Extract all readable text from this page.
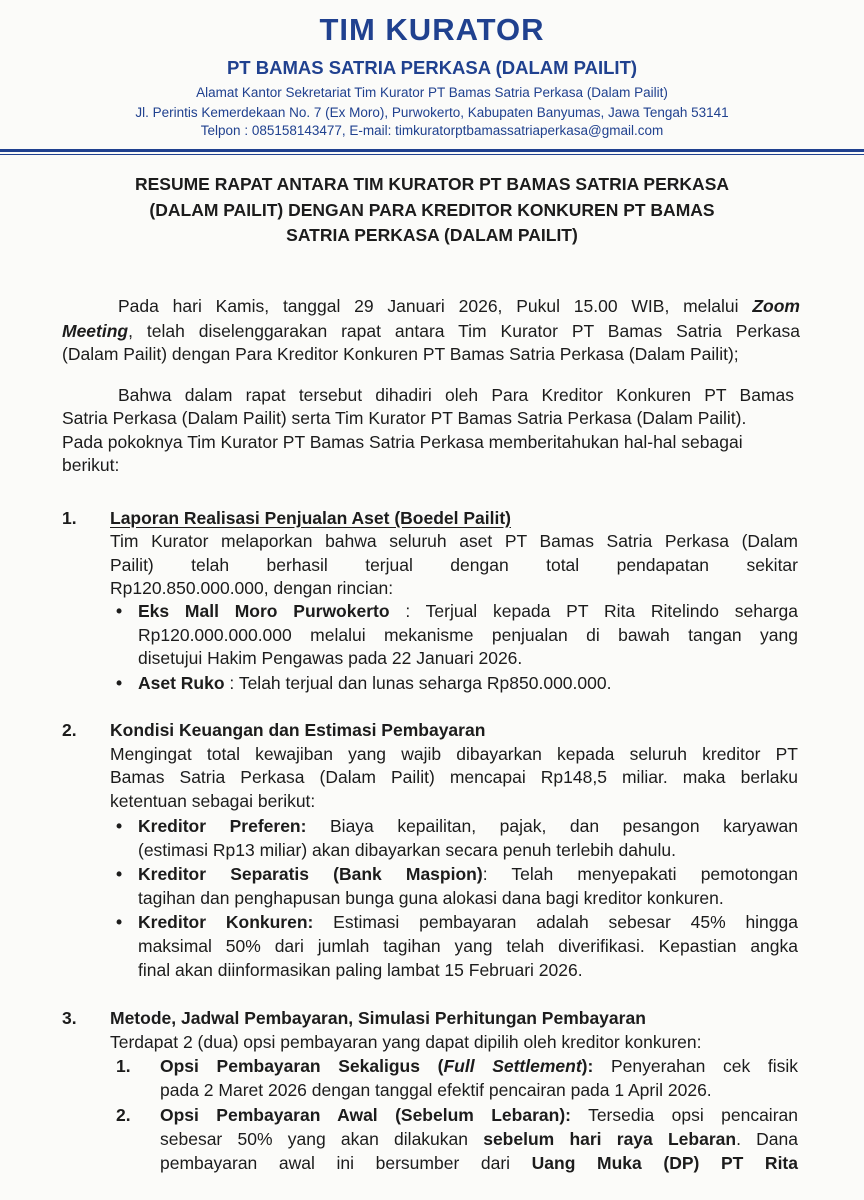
TIM KURATOR
PT BAMAS SATRIA PERKASA (DALAM PAILIT)
Alamat Kantor Sekretariat Tim Kurator PT Bamas Satria Perkasa (Dalam Pailit)
Jl. Perintis Kemerdekaan No. 7 (Ex Moro), Purwokerto, Kabupaten Banyumas, Jawa Tengah 53141
Telpon : 085158143477, E-mail: timkuratorptbamassatriaperkasa@gmail.com
RESUME RAPAT ANTARA TIM KURATOR PT BAMAS SATRIA PERKASA
(DALAM PAILIT) DENGAN PARA KREDITOR KONKUREN PT BAMAS
SATRIA PERKASA (DALAM PAILIT)
Pada hari Kamis, tanggal 29 Januari 2026, Pukul 15.00 WIB, melalui Zoom
Meeting, telah diselenggarakan rapat antara Tim Kurator PT Bamas Satria Perkasa
(Dalam Pailit) dengan Para Kreditor Konkuren PT Bamas Satria Perkasa (Dalam Pailit);
Bahwa dalam rapat tersebut dihadiri oleh Para Kreditor Konkuren PT Bamas
Satria Perkasa (Dalam Pailit) serta Tim Kurator PT Bamas Satria Perkasa (Dalam Pailit).
Pada pokoknya Tim Kurator PT Bamas Satria Perkasa memberitahukan hal-hal sebagai
berikut:
1. Laporan Realisasi Penjualan Aset (Boedel Pailit)
Tim Kurator melaporkan bahwa seluruh aset PT Bamas Satria Perkasa (Dalam
Pailit) telah berhasil terjual dengan total pendapatan sekitar
Rp120.850.000.000, dengan rincian:
• Eks Mall Moro Purwokerto : Terjual kepada PT Rita Ritelindo seharga
Rp120.000.000.000 melalui mekanisme penjualan di bawah tangan yang
disetujui Hakim Pengawas pada 22 Januari 2026.
• Aset Ruko : Telah terjual dan lunas seharga Rp850.000.000.
2. Kondisi Keuangan dan Estimasi Pembayaran
Mengingat total kewajiban yang wajib dibayarkan kepada seluruh kreditor PT
Bamas Satria Perkasa (Dalam Pailit) mencapai Rp148,5 miliar. maka berlaku
ketentuan sebagai berikut:
• Kreditor Preferen: Biaya kepailitan, pajak, dan pesangon karyawan
(estimasi Rp13 miliar) akan dibayarkan secara penuh terlebih dahulu.
• Kreditor Separatis (Bank Maspion): Telah menyepakati pemotongan
tagihan dan penghapusan bunga guna alokasi dana bagi kreditor konkuren.
• Kreditor Konkuren: Estimasi pembayaran adalah sebesar 45% hingga
maksimal 50% dari jumlah tagihan yang telah diverifikasi. Kepastian angka
final akan diinformasikan paling lambat 15 Februari 2026.
3. Metode, Jadwal Pembayaran, Simulasi Perhitungan Pembayaran
Terdapat 2 (dua) opsi pembayaran yang dapat dipilih oleh kreditor konkuren:
1. Opsi Pembayaran Sekaligus (Full Settlement): Penyerahan cek fisik
pada 2 Maret 2026 dengan tanggal efektif pencairan pada 1 April 2026.
2. Opsi Pembayaran Awal (Sebelum Lebaran): Tersedia opsi pencairan
sebesar 50% yang akan dilakukan sebelum hari raya Lebaran. Dana
pembayaran awal ini bersumber dari Uang Muka (DP) PT Rita
